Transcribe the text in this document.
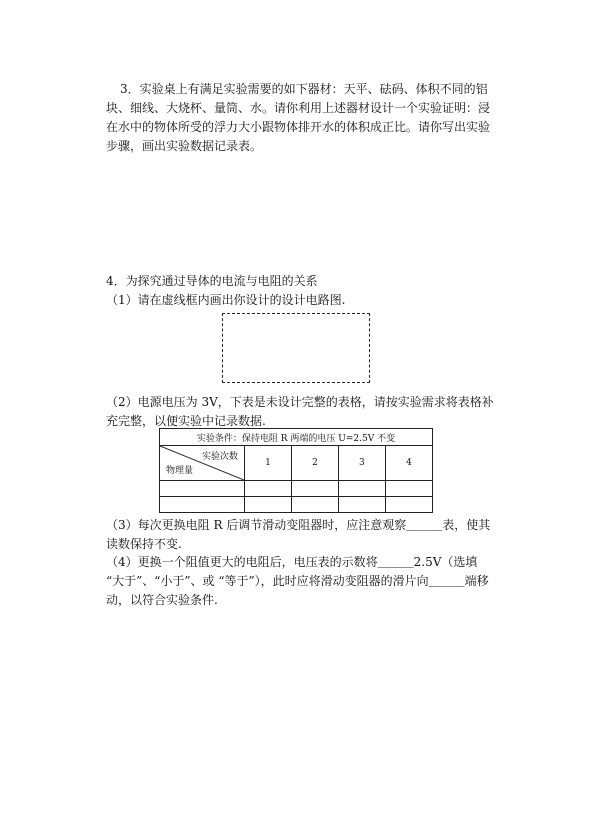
3．实验桌上有满足实验需要的如下器材：天平、砝码、体积不同的铝块、细线、大烧杯、量筒、水。请你利用上述器材设计一个实验证明：浸在水中的物体所受的浮力大小跟物体排开水的体积成正比。请你写出实验步骤，画出实验数据记录表。

4．为探究通过导体的电流与电阻的关系

（1）请在虚线框内画出你设计的设计电路图.

（2）电源电压为 3V，下表是未设计完整的表格，请按实验需求将表格补充完整，以便实验中记录数据.

实验条件：保持电阻 R 两端的电压 U=2.5V 不变				

实验次数
物理量	1	2	3	4

（3）每次更换电阻 R 后调节滑动变阻器时，应注意观察＿＿＿表，使其读数保持不变.

（4）更换一个阻值更大的电阻后，电压表的示数将＿＿＿2.5V（选填 “大于”、“小于”、或 “等于”），此时应将滑动变阻器的滑片向＿＿＿端移动，以符合实验条件.
